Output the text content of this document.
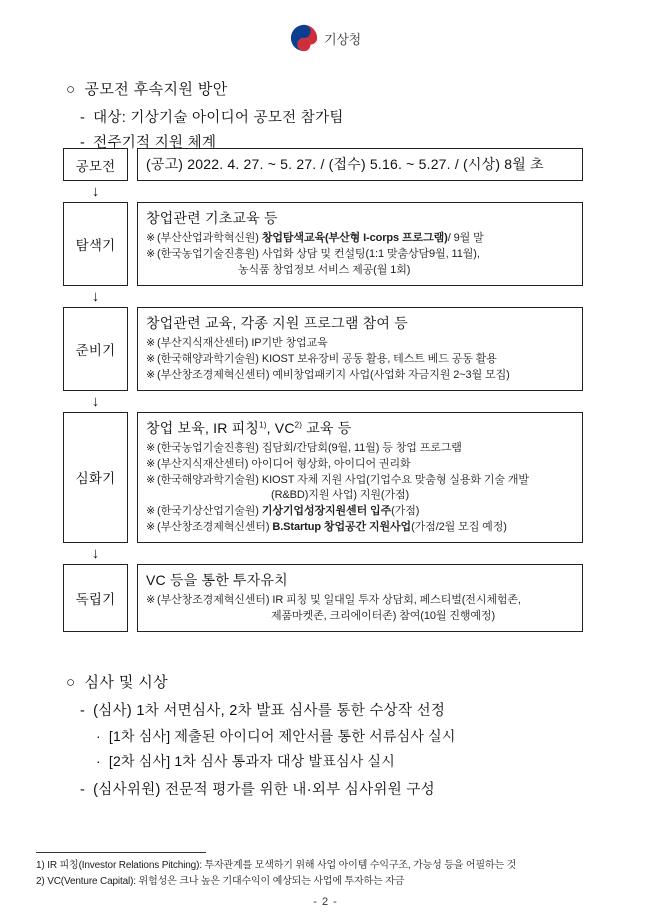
기상청
○ 공모전 후속지원 방안
- 대상: 기상기술 아이디어 공모전 참가팀
- 전주기적 지원 체계
공모전	(공고) 2022. 4. 27. ~ 5. 27. / (접수) 5.16. ~ 5.27. / (시상) 8월 초
↓
탐색기
창업관련 기초교육 등
※ (부산산업과학혁신원) 창업탐색교육(부산형 I-corps 프로그램)/ 9월 말
※ (한국농업기술진흥원) 사업화 상담 및 컨설팅(1:1 맞춤상담9월, 11월),
농식품 창업정보 서비스 제공(월 1회)
↓
준비기
창업관련 교육, 각종 지원 프로그램 참여 등
※ (부산지식재산센터) IP기반 창업교육
※ (한국해양과학기술원) KIOST 보유장비 공동 활용, 테스트 베드 공동 활용
※ (부산창조경제혁신센터) 예비창업패키지 사업(사업화 자금지원 2~3월 모집)
↓
심화기
창업 보육, IR 피칭$^{1)}$, VC$^{2)}$ 교육 등
※ (한국농업기술진흥원) 집담회/간담회(9월, 11월) 등 창업 프로그램
※ (부산지식재산센터) 아이디어 형상화, 아이디어 권리화
※ (한국해양과학기술원) KIOST 자체 지원 사업(기업수요 맞춤형 실용화 기술 개발
(R&BD)지원 사업) 지원(가점)
※ (한국기상산업기술원) 기상기업성장지원센터 입주(가점)
※ (부산창조경제혁신센터) B.Startup 창업공간 지원사업(가점/2월 모집 예정)
↓
독립기
VC 등을 통한 투자유치
※ (부산창조경제혁신센터) IR 피칭 및 일대일 투자 상담회, 페스티벌(전시체험존,
제품마켓존, 크리에이터존) 참여(10월 진행예정)
○ 심사 및 시상
- (심사) 1차 서면심사, 2차 발표 심사를 통한 수상작 선정
· [1차 심사] 제출된 아이디어 제안서를 통한 서류심사 실시
· [2차 심사] 1차 심사 통과자 대상 발표심사 실시
- (심사위원) 전문적 평가를 위한 내·외부 심사위원 구성
1) IR 피칭(Investor Relations Pitching): 투자관계를 모색하기 위해 사업 아이템 수익구조, 가능성 등을 어필하는 것
2) VC(Venture Capital): 위험성은 크나 높은 기대수익이 예상되는 사업에 투자하는 자금
- 2 -
